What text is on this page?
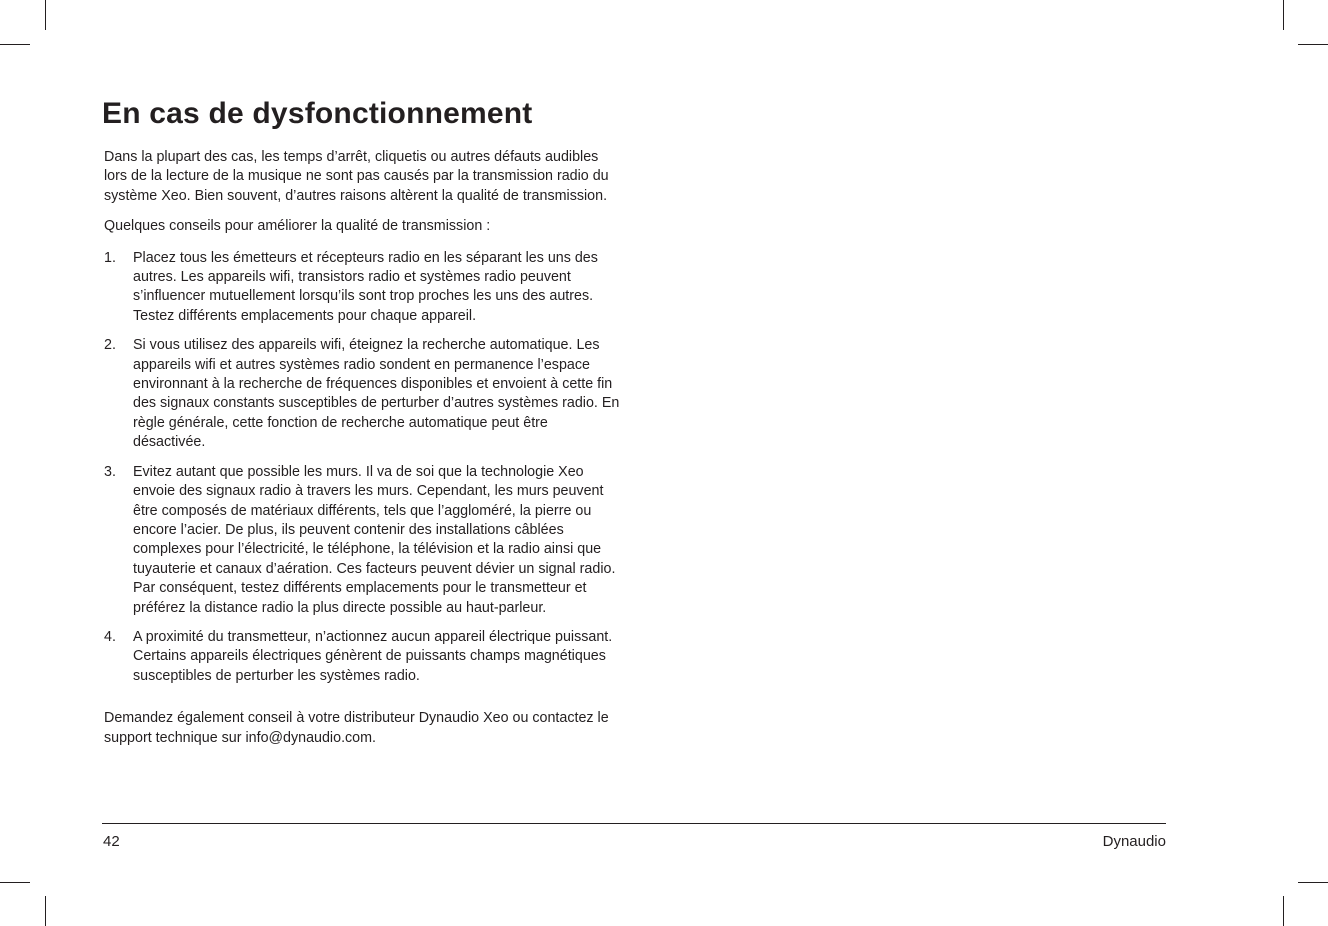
En cas de dysfonctionnement

Dans la plupart des cas, les temps d’arrêt, cliquetis ou autres défauts audibles lors de la lecture de la musique ne sont pas causés par la transmission radio du système Xeo. Bien souvent, d’autres raisons altèrent la qualité de transmission.

Quelques conseils pour améliorer la qualité de transmission :

1.	Placez tous les émetteurs et récepteurs radio en les séparant les uns des autres. Les appareils wifi, transistors radio et systèmes radio peuvent s’influencer mutuellement lorsqu’ils sont trop proches les uns des autres. Testez différents emplacements pour chaque appareil.
2.	Si vous utilisez des appareils wifi, éteignez la recherche automatique. Les appareils wifi et autres systèmes radio sondent en permanence l’espace environnant à la recherche de fréquences disponibles et envoient à cette fin des signaux constants susceptibles de perturber d’autres systèmes radio. En règle générale, cette fonction de recherche automatique peut être désactivée.
3.	Evitez autant que possible les murs. Il va de soi que la technologie Xeo envoie des signaux radio à travers les murs. Cependant, les murs peuvent être composés de matériaux différents, tels que l’aggloméré, la pierre ou encore l’acier. De plus, ils peuvent contenir des installations câblées complexes pour l’électricité, le téléphone, la télévision et la radio ainsi que tuyauterie et canaux d’aération. Ces facteurs peuvent dévier un signal radio. Par conséquent, testez différents emplacements pour le transmetteur et préférez la distance radio la plus directe possible au haut-parleur.
4.	A proximité du transmetteur, n’actionnez aucun appareil électrique puissant. Certains appareils électriques génèrent de puissants champs magnétiques susceptibles de perturber les systèmes radio.

Demandez également conseil à votre distributeur Dynaudio Xeo ou contactez le support technique sur info@dynaudio.com.

42	Dynaudio
